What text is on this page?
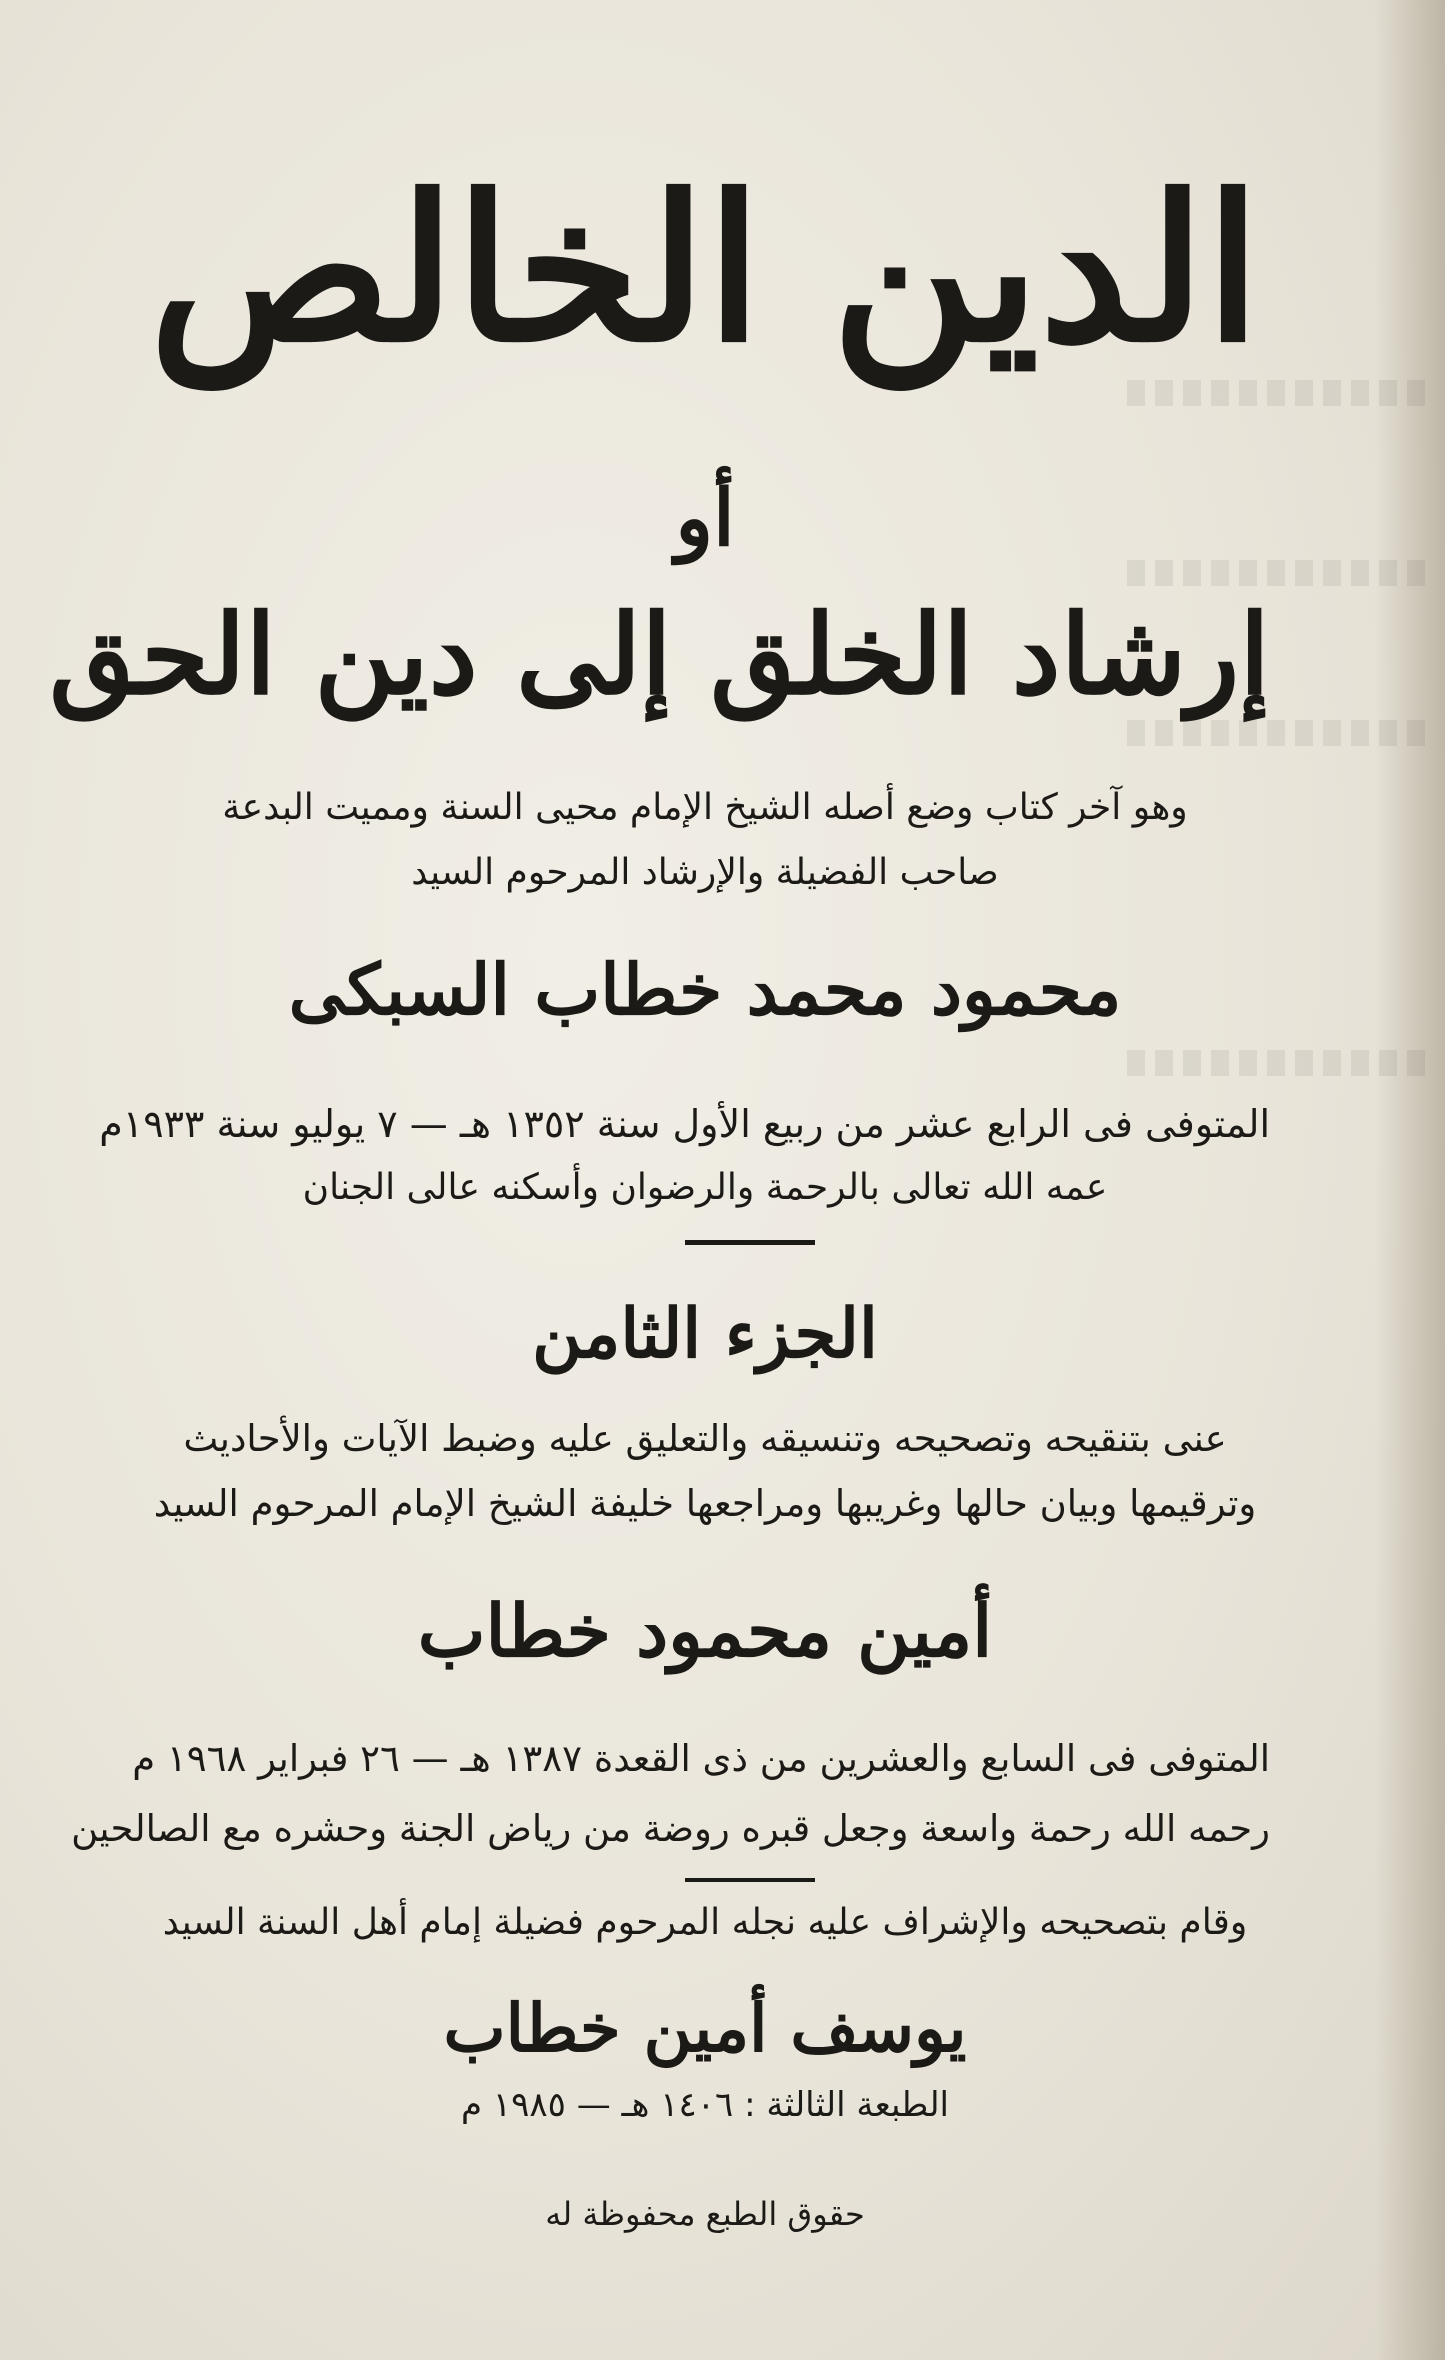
الدين الخالص
أو
إرشاد الخلق إلى دين الحق
وهو آخر كتاب وضع أصله الشيخ الإمام محيى السنة ومميت البدعة
صاحب الفضيلة والإرشاد المرحوم السيد
محمود محمد خطاب السبكى
المتوفى فى الرابع عشر من ربيع الأول سنة ١٣٥٢ هـ — ٧ يوليو سنة ١٩٣٣م
عمه الله تعالى بالرحمة والرضوان وأسكنه عالى الجنان
الجزء الثامن
عنى بتنقيحه وتصحيحه وتنسيقه والتعليق عليه وضبط الآيات والأحاديث
وترقيمها وبيان حالها وغريبها ومراجعها خليفة الشيخ الإمام المرحوم السيد
أمين محمود خطاب
المتوفى فى السابع والعشرين من ذى القعدة ١٣٨٧ هـ — ٢٦ فبراير ١٩٦٨ م
رحمه الله رحمة واسعة وجعل قبره روضة من رياض الجنة وحشره مع الصالحين
وقام بتصحيحه والإشراف عليه نجله المرحوم فضيلة إمام أهل السنة السيد
يوسف أمين خطاب
الطبعة الثالثة : ١٤٠٦ هـ — ١٩٨٥ م
حقوق الطبع محفوظة له
